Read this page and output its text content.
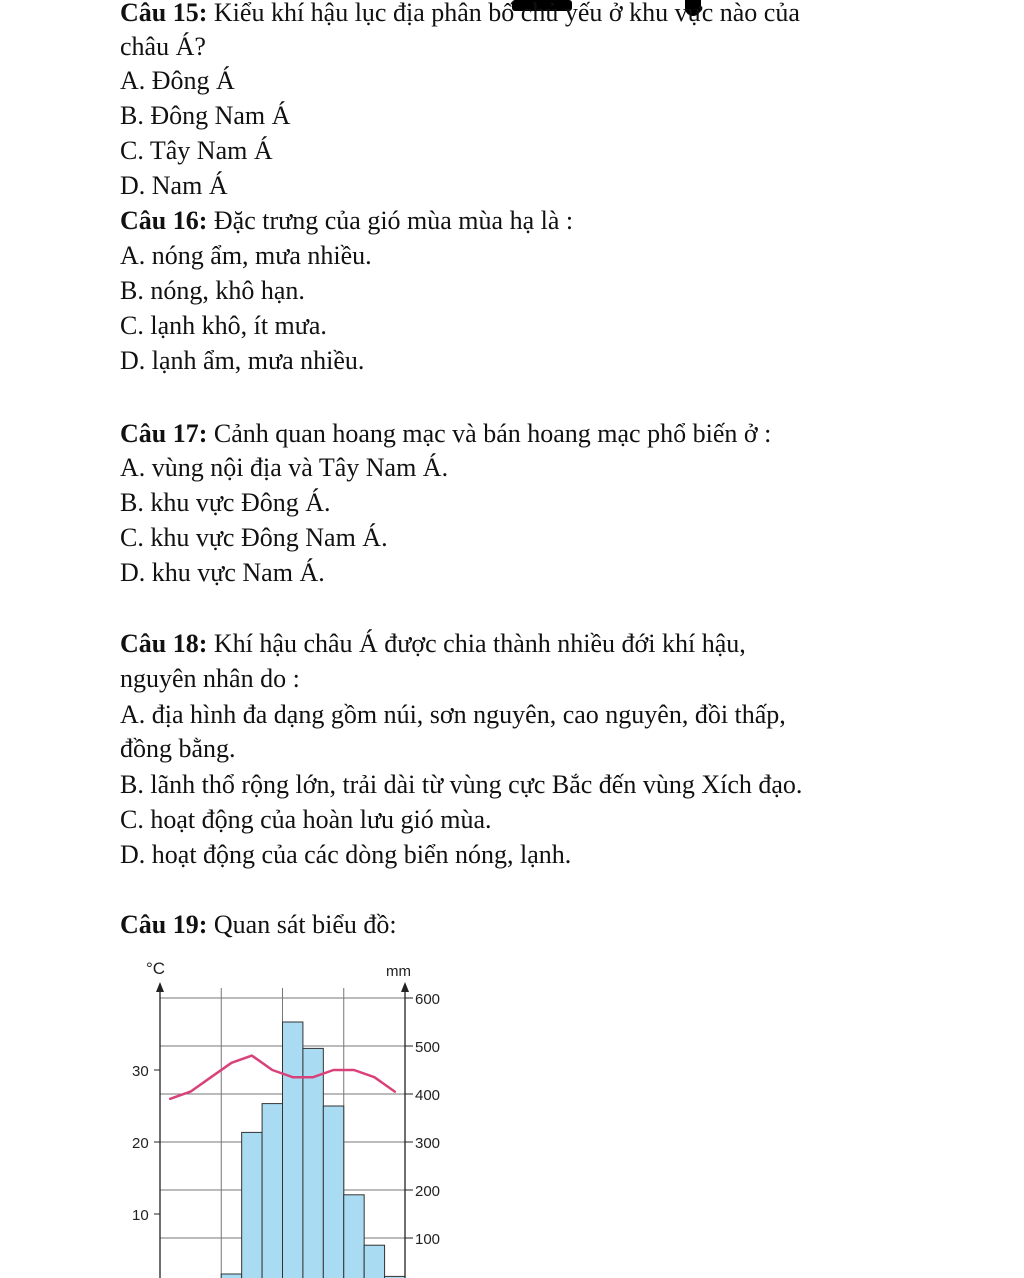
Câu 15: Kiểu khí hậu lục địa phân bố chủ yếu ở khu vực nào của
châu Á?
A. Đông Á
B. Đông Nam Á
C. Tây Nam Á
D. Nam Á
Câu 16: Đặc trưng của gió mùa mùa hạ là :
A. nóng ẩm, mưa nhiều.
B. nóng, khô hạn.
C. lạnh khô, ít mưa.
D. lạnh ẩm, mưa nhiều.
Câu 17: Cảnh quan hoang mạc và bán hoang mạc phổ biến ở :
A. vùng nội địa và Tây Nam Á.
B. khu vực Đông Á.
C. khu vực Đông Nam Á.
D. khu vực Nam Á.
Câu 18: Khí hậu châu Á được chia thành nhiều đới khí hậu,
nguyên nhân do :
A. địa hình đa dạng gồm núi, sơn nguyên, cao nguyên, đồi thấp,
đồng bằng.
B. lãnh thổ rộng lớn, trải dài từ vùng cực Bắc đến vùng Xích đạo.
C. hoạt động của hoàn lưu gió mùa.
D. hoạt động của các dòng biển nóng, lạnh.
Câu 19: Quan sát biểu đồ:
°C	mm
100
200
300
400
500
600
10
20
30
